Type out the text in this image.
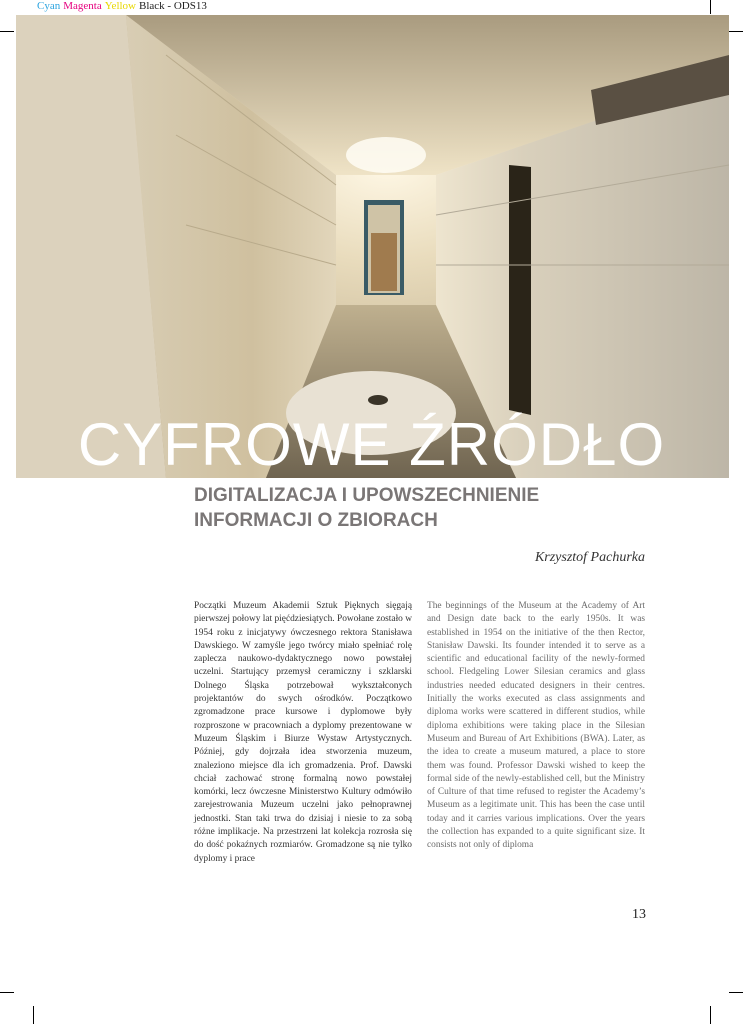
Cyan Magenta Yellow Black - ODS13
CYFROWE ŹRÓDŁO
DIGITALIZACJA I UPOWSZECHNIENIE
INFORMACJI O ZBIORACH
Krzysztof Pachurka

Początki Muzeum Akademii Sztuk Pięknych sięgają pierwszej połowy lat pięćdziesiątych. Powołane zostało w 1954 roku z inicjatywy ówczesnego rektora Stanisława Dawskiego. W zamyśle jego twórcy miało spełniać rolę zaplecza naukowo-dydaktycznego nowo powstałej uczelni. Startujący przemysł ceramiczny i szklarski Dolnego Śląska potrzebował wykształconych projektantów do swych ośrodków. Początkowo zgromadzone prace kursowe i dyplomowe były rozproszone w pracowniach a dyplomy prezentowane w Muzeum Śląskim i Biurze Wystaw Artystycznych. Później, gdy dojrzała idea stworzenia muzeum, znaleziono miejsce dla ich gromadzenia. Prof. Dawski chciał zachować stronę formalną nowo powstałej komórki, lecz ówczesne Ministerstwo Kultury odmówiło zarejestrowania Muzeum uczelni jako pełnoprawnej jednostki. Stan taki trwa do dzisiaj i niesie to za sobą różne implikacje. Na przestrzeni lat kolekcja rozrosła się do dość pokaźnych rozmiarów. Gromadzone są nie tylko dyplomy i prace

The beginnings of the Museum at the Academy of Art and Design date back to the early 1950s. It was established in 1954 on the initiative of the then Rector, Stanisław Dawski. Its founder intended it to serve as a scientific and educational facility of the newly-formed school. Fledgeling Lower Silesian ceramics and glass industries needed educated designers in their centres. Initially the works executed as class assignments and diploma works were scattered in different studios, while diploma exhibitions were taking place in the Silesian Museum and Bureau of Art Exhibitions (BWA). Later, as the idea to create a museum matured, a place to store them was found. Professor Dawski wished to keep the formal side of the newly-established cell, but the Ministry of Culture of that time refused to register the Academy’s Museum as a legitimate unit. This has been the case until today and it carries various implications. Over the years the collection has expanded to a quite significant size. It consists not only of diploma

13
